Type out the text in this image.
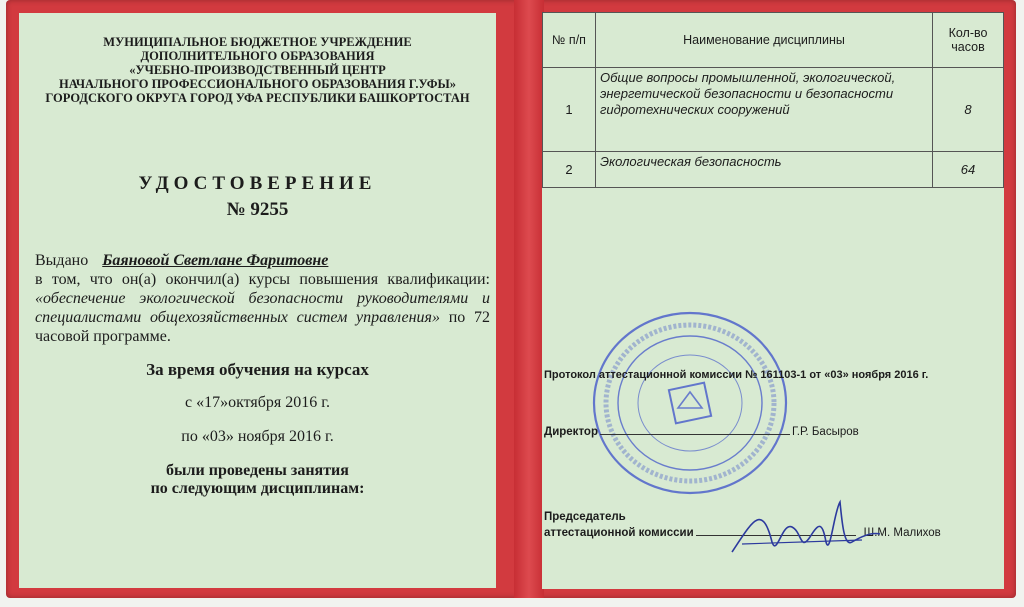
МУНИЦИПАЛЬНОЕ БЮДЖЕТНОЕ УЧРЕЖДЕНИЕ
ДОПОЛНИТЕЛЬНОГО ОБРАЗОВАНИЯ
«УЧЕБНО-ПРОИЗВОДСТВЕННЫЙ ЦЕНТР
НАЧАЛЬНОГО ПРОФЕССИОНАЛЬНОГО ОБРАЗОВАНИЯ Г.УФЫ»
ГОРОДСКОГО ОКРУГА ГОРОД УФА РЕСПУБЛИКИ БАШКОРТОСТАН
УДОСТОВЕРЕНИЕ
№ 9255
Выдано Баяновой Светлане Фаритовне
в том, что он(а) окончил(а) курсы повышения квалификации: «обеспечение экологической безопасности руководителями и специалистами общехозяйственных систем управления» по 72 часовой программе.
За время обучения на курсах
с «17»октября 2016 г.
по «03» ноября 2016 г.
были проведены занятия
по следующим дисциплинам:
№ п/п	Наименование дисциплины	Кол-во часов
1	Общие вопросы промышленной, экологической, энергетической безопасности и безопасности гидротехнических сооружений	8
2	Экологическая безопасность	64
Протокол аттестационной комиссии № 161103-1 от «03» ноября 2016 г.
Директор	Г.Р. Басыров
Председатель
аттестационной комиссии	Ш.М. Малихов
